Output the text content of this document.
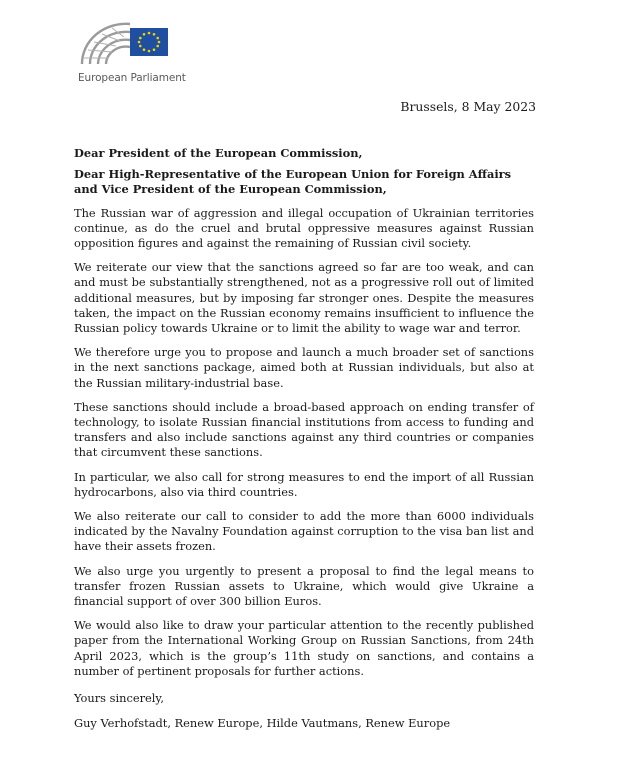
European Parliament
Brussels, 8 May 2023

Dear President of the European Commission,

Dear High-Representative of the European Union for Foreign Affairs and Vice President of the European Commission,

The Russian war of aggression and illegal occupation of Ukrainian territories continue, as do the cruel and brutal oppressive measures against Russian opposition figures and against the remaining of Russian civil society.

We reiterate our view that the sanctions agreed so far are too weak, and can and must be substantially strengthened, not as a progressive roll out of limited additional measures, but by imposing far stronger ones. Despite the measures taken, the impact on the Russian economy remains insufficient to influence the Russian policy towards Ukraine or to limit the ability to wage war and terror.

We therefore urge you to propose and launch a much broader set of sanctions in the next sanctions package, aimed both at Russian individuals, but also at the Russian military-industrial base.

These sanctions should include a broad-based approach on ending transfer of technology, to isolate Russian financial institutions from access to funding and transfers and also include sanctions against any third countries or companies that circumvent these sanctions.

In particular, we also call for strong measures to end the import of all Russian hydrocarbons, also via third countries.

We also reiterate our call to consider to add the more than 6000 individuals indicated by the Navalny Foundation against corruption to the visa ban list and have their assets frozen.

We also urge you urgently to present a proposal to find the legal means to transfer frozen Russian assets to Ukraine, which would give Ukraine a financial support of over 300 billion Euros.

We would also like to draw your particular attention to the recently published paper from the International Working Group on Russian Sanctions, from 24th April 2023, which is the group’s 11th study on sanctions, and contains a number of pertinent proposals for further actions.

Yours sincerely,

Guy Verhofstadt, Renew Europe, Hilde Vautmans, Renew Europe
